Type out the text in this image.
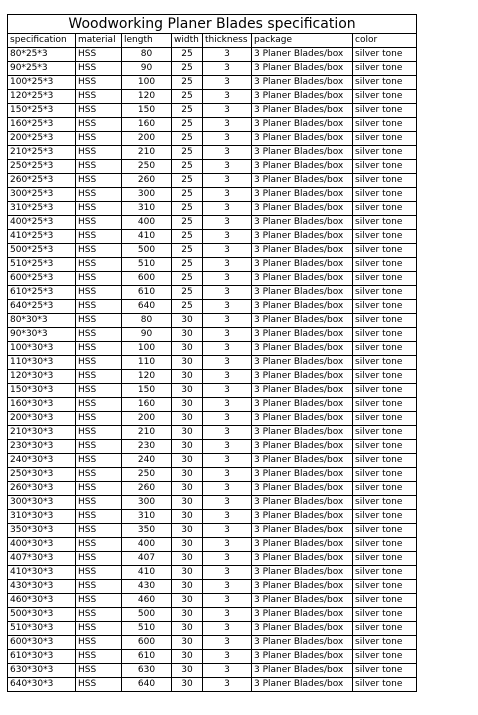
Woodworking Planer Blades specification						
specification	material	length	width	thickness	package	color
80*25*3	HSS	80	25	3	3 Planer Blades/box	silver tone
90*25*3	HSS	90	25	3	3 Planer Blades/box	silver tone
100*25*3	HSS	100	25	3	3 Planer Blades/box	silver tone
120*25*3	HSS	120	25	3	3 Planer Blades/box	silver tone
150*25*3	HSS	150	25	3	3 Planer Blades/box	silver tone
160*25*3	HSS	160	25	3	3 Planer Blades/box	silver tone
200*25*3	HSS	200	25	3	3 Planer Blades/box	silver tone
210*25*3	HSS	210	25	3	3 Planer Blades/box	silver tone
250*25*3	HSS	250	25	3	3 Planer Blades/box	silver tone
260*25*3	HSS	260	25	3	3 Planer Blades/box	silver tone
300*25*3	HSS	300	25	3	3 Planer Blades/box	silver tone
310*25*3	HSS	310	25	3	3 Planer Blades/box	silver tone
400*25*3	HSS	400	25	3	3 Planer Blades/box	silver tone
410*25*3	HSS	410	25	3	3 Planer Blades/box	silver tone
500*25*3	HSS	500	25	3	3 Planer Blades/box	silver tone
510*25*3	HSS	510	25	3	3 Planer Blades/box	silver tone
600*25*3	HSS	600	25	3	3 Planer Blades/box	silver tone
610*25*3	HSS	610	25	3	3 Planer Blades/box	silver tone
640*25*3	HSS	640	25	3	3 Planer Blades/box	silver tone
80*30*3	HSS	80	30	3	3 Planer Blades/box	silver tone
90*30*3	HSS	90	30	3	3 Planer Blades/box	silver tone
100*30*3	HSS	100	30	3	3 Planer Blades/box	silver tone
110*30*3	HSS	110	30	3	3 Planer Blades/box	silver tone
120*30*3	HSS	120	30	3	3 Planer Blades/box	silver tone
150*30*3	HSS	150	30	3	3 Planer Blades/box	silver tone
160*30*3	HSS	160	30	3	3 Planer Blades/box	silver tone
200*30*3	HSS	200	30	3	3 Planer Blades/box	silver tone
210*30*3	HSS	210	30	3	3 Planer Blades/box	silver tone
230*30*3	HSS	230	30	3	3 Planer Blades/box	silver tone
240*30*3	HSS	240	30	3	3 Planer Blades/box	silver tone
250*30*3	HSS	250	30	3	3 Planer Blades/box	silver tone
260*30*3	HSS	260	30	3	3 Planer Blades/box	silver tone
300*30*3	HSS	300	30	3	3 Planer Blades/box	silver tone
310*30*3	HSS	310	30	3	3 Planer Blades/box	silver tone
350*30*3	HSS	350	30	3	3 Planer Blades/box	silver tone
400*30*3	HSS	400	30	3	3 Planer Blades/box	silver tone
407*30*3	HSS	407	30	3	3 Planer Blades/box	silver tone
410*30*3	HSS	410	30	3	3 Planer Blades/box	silver tone
430*30*3	HSS	430	30	3	3 Planer Blades/box	silver tone
460*30*3	HSS	460	30	3	3 Planer Blades/box	silver tone
500*30*3	HSS	500	30	3	3 Planer Blades/box	silver tone
510*30*3	HSS	510	30	3	3 Planer Blades/box	silver tone
600*30*3	HSS	600	30	3	3 Planer Blades/box	silver tone
610*30*3	HSS	610	30	3	3 Planer Blades/box	silver tone
630*30*3	HSS	630	30	3	3 Planer Blades/box	silver tone
640*30*3	HSS	640	30	3	3 Planer Blades/box	silver tone
